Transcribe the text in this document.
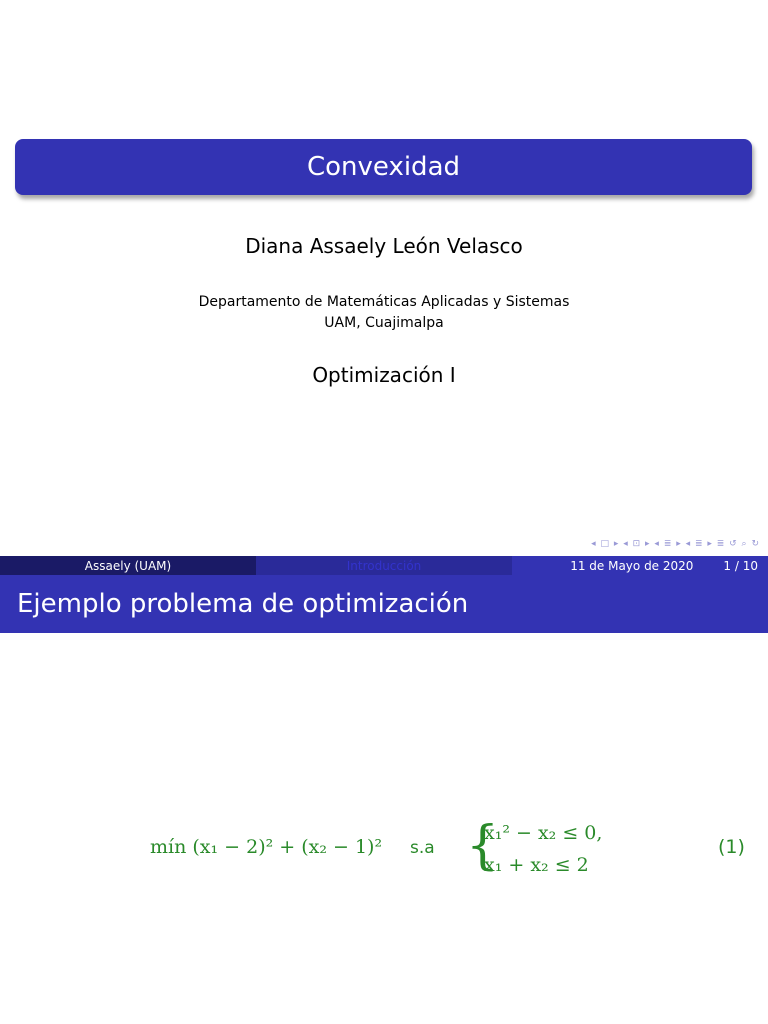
Convexidad
Diana Assaely León Velasco
Departamento de Matemáticas Aplicadas y Sistemas
UAM, Cuajimalpa
Optimización I
◂ □ ▸ ◂ ⊡ ▸ ◂ ≣ ▸ ◂ ≣ ▸ ≣ ↺ ⌕ ↻
Assaely (UAM)	Introducción	11 de Mayo de 2020	1 / 10
Ejemplo problema de optimización
mín (x₁ − 2)² + (x₂ − 1)² s.a {
x₁² − x₂ ≤ 0,
x₁ + x₂ ≤ 2
(1)
